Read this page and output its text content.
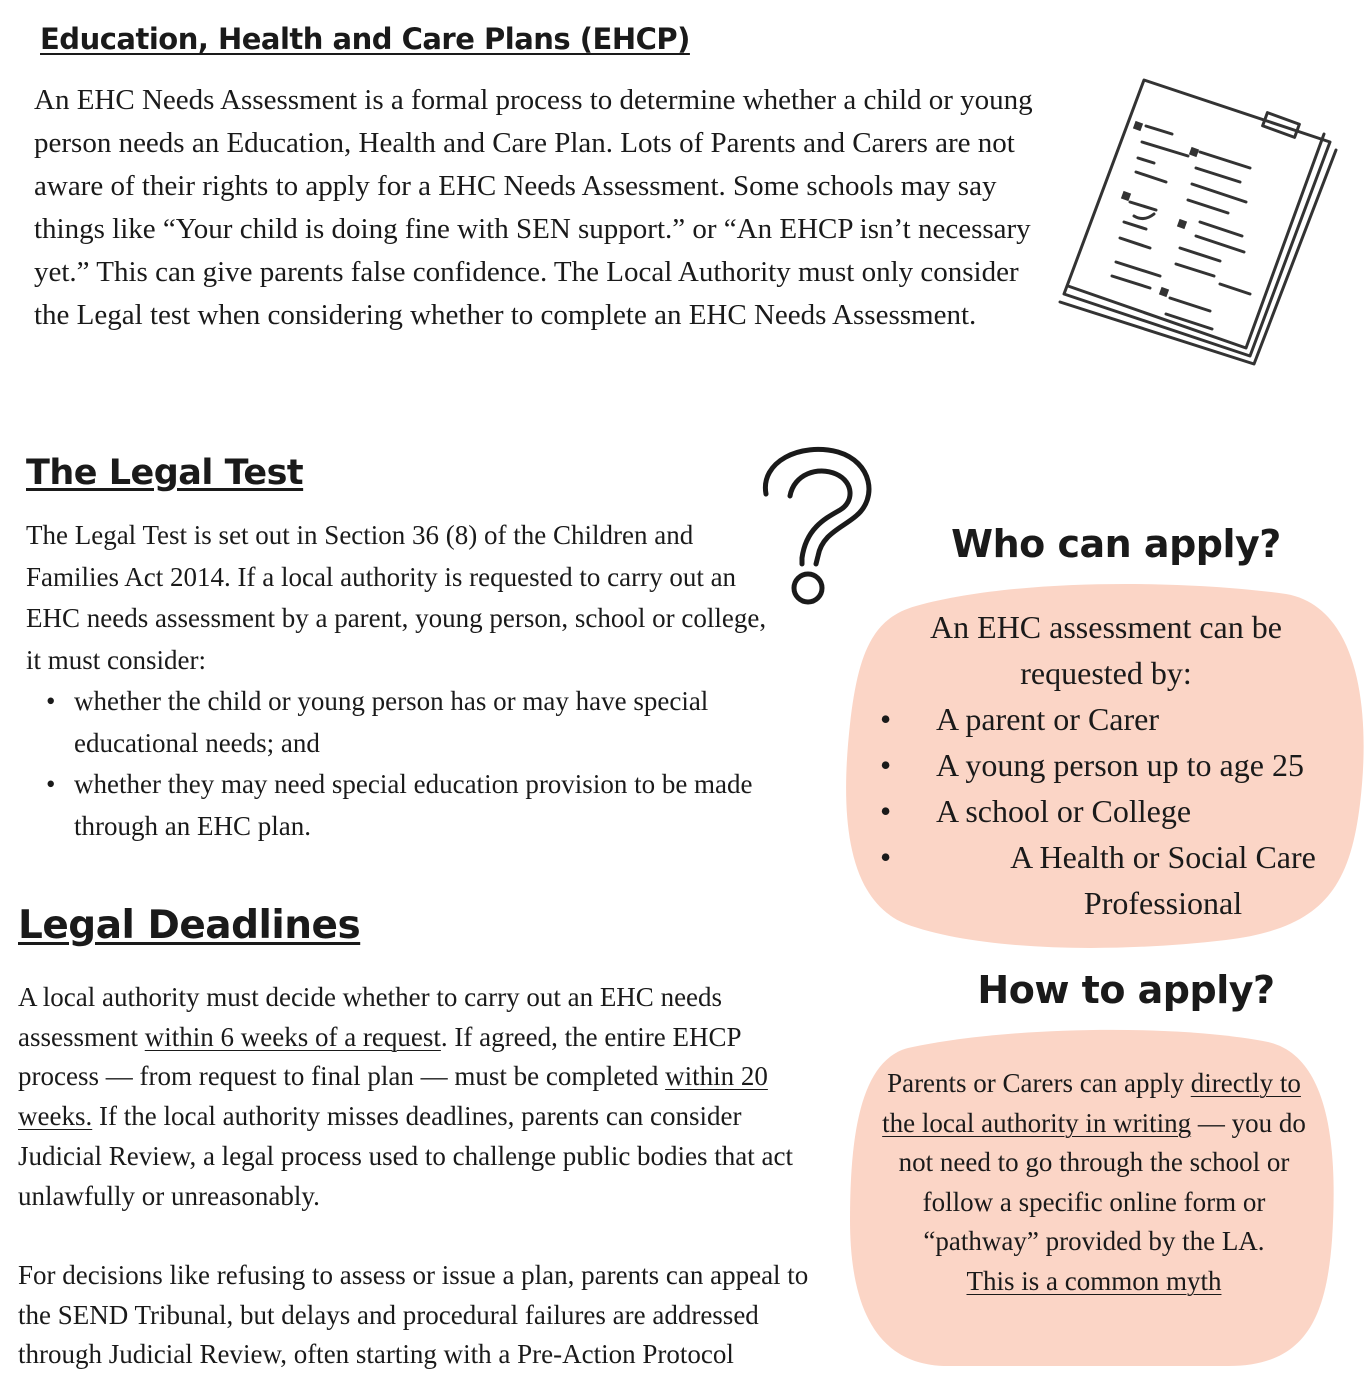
Education, Health and Care Plans (EHCP)

An EHC Needs Assessment is a formal process to determine whether a child or young person needs an Education, Health and Care Plan. Lots of Parents and Carers are not aware of their rights to apply for a EHC Needs Assessment. Some schools may say things like “Your child is doing fine with SEN support.” or “An EHCP isn’t necessary yet.” This can give parents false confidence. The Local Authority must only consider the Legal test when considering whether to complete an EHC Needs Assessment.

The Legal Test

The Legal Test is set out in Section 36 (8) of the Children and Families Act 2014. If a local authority is requested to carry out an EHC needs assessment by a parent, young person, school or college, it must consider:

• whether the child or young person has or may have special educational needs; and
• whether they may need special education provision to be made through an EHC plan.
Legal Deadlines

A local authority must decide whether to carry out an EHC needs assessment within 6 weeks of a request. If agreed, the entire EHCP process — from request to final plan — must be completed within 20 weeks. If the local authority misses deadlines, parents can consider Judicial Review, a legal process used to challenge public bodies that act unlawfully or unreasonably.

For decisions like refusing to assess or issue a plan, parents can appeal to the SEND Tribunal, but delays and procedural failures are addressed through Judicial Review, often starting with a Pre-Action Protocol

Who can apply?
An EHC assessment can be requested by:
• A parent or Carer
• A young person up to age 25
• A school or College
• A Health or Social Care Professional
How to apply?

Parents or Carers can apply directly to the local authority in writing — you do not need to go through the school or follow a specific online form or “pathway” provided by the LA.
This is a common myth
